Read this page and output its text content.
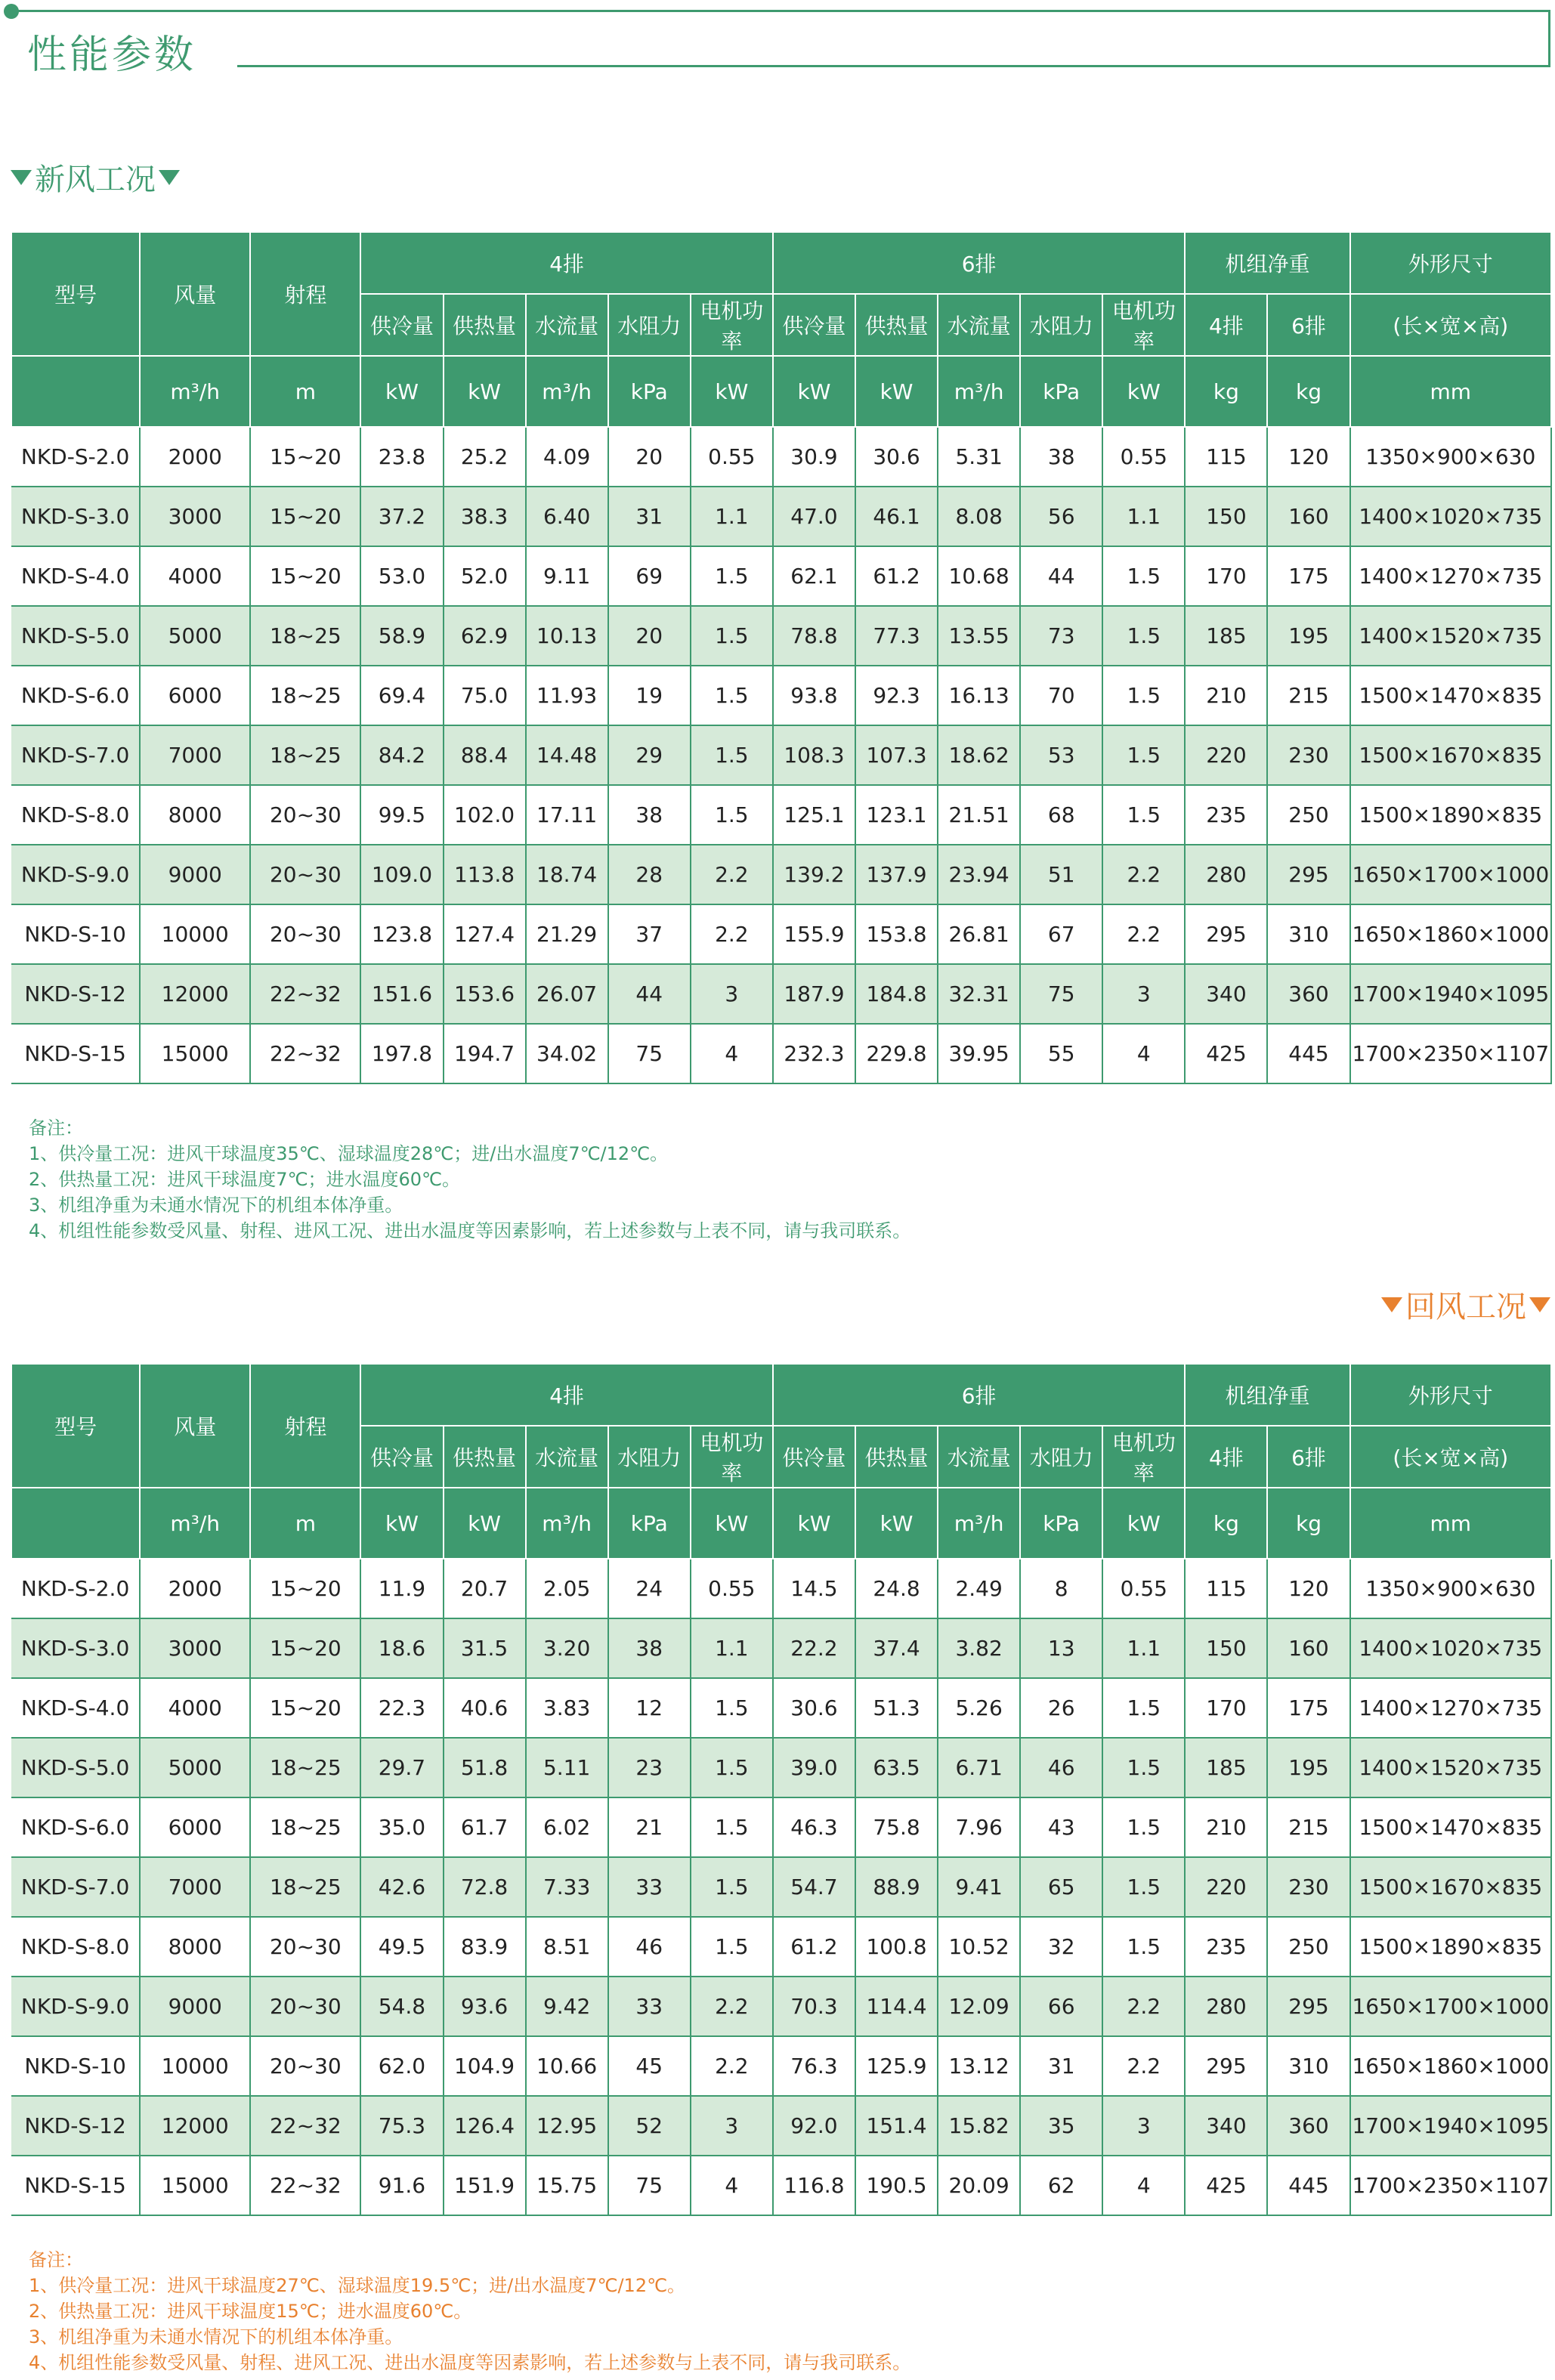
性能参数
新风工况
型号	风量	射程	4排					6排					机组净重		外形尺寸
			供冷量	供热量	水流量	水阻力	电机功率	供冷量	供热量	水流量	水阻力	电机功率	4排	6排	(长×宽×高)
	m³/h	m	kW	kW	m³/h	kPa	kW	kW	kW	m³/h	kPa	kW	kg	kg	mm
NKD-S-2.0	2000	15~20	23.8	25.2	4.09	20	0.55	30.9	30.6	5.31	38	0.55	115	120	1350×900×630
NKD-S-3.0	3000	15~20	37.2	38.3	6.40	31	1.1	47.0	46.1	8.08	56	1.1	150	160	1400×1020×735
NKD-S-4.0	4000	15~20	53.0	52.0	9.11	69	1.5	62.1	61.2	10.68	44	1.5	170	175	1400×1270×735
NKD-S-5.0	5000	18~25	58.9	62.9	10.13	20	1.5	78.8	77.3	13.55	73	1.5	185	195	1400×1520×735
NKD-S-6.0	6000	18~25	69.4	75.0	11.93	19	1.5	93.8	92.3	16.13	70	1.5	210	215	1500×1470×835
NKD-S-7.0	7000	18~25	84.2	88.4	14.48	29	1.5	108.3	107.3	18.62	53	1.5	220	230	1500×1670×835
NKD-S-8.0	8000	20~30	99.5	102.0	17.11	38	1.5	125.1	123.1	21.51	68	1.5	235	250	1500×1890×835
NKD-S-9.0	9000	20~30	109.0	113.8	18.74	28	2.2	139.2	137.9	23.94	51	2.2	280	295	1650×1700×1000
NKD-S-10	10000	20~30	123.8	127.4	21.29	37	2.2	155.9	153.8	26.81	67	2.2	295	310	1650×1860×1000
NKD-S-12	12000	22~32	151.6	153.6	26.07	44	3	187.9	184.8	32.31	75	3	340	360	1700×1940×1095
NKD-S-15	15000	22~32	197.8	194.7	34.02	75	4	232.3	229.8	39.95	55	4	425	445	1700×2350×1107
备注：
1、供冷量工况：进风干球温度35℃、湿球温度28℃；进/出水温度7℃/12℃。
2、供热量工况：进风干球温度7℃；进水温度60℃。
3、机组净重为未通水情况下的机组本体净重。
4、机组性能参数受风量、射程、进风工况、进出水温度等因素影响，若上述参数与上表不同，请与我司联系。
回风工况
型号	风量	射程	4排					6排					机组净重		外形尺寸
			供冷量	供热量	水流量	水阻力	电机功率	供冷量	供热量	水流量	水阻力	电机功率	4排	6排	(长×宽×高)
	m³/h	m	kW	kW	m³/h	kPa	kW	kW	kW	m³/h	kPa	kW	kg	kg	mm
NKD-S-2.0	2000	15~20	11.9	20.7	2.05	24	0.55	14.5	24.8	2.49	8	0.55	115	120	1350×900×630
NKD-S-3.0	3000	15~20	18.6	31.5	3.20	38	1.1	22.2	37.4	3.82	13	1.1	150	160	1400×1020×735
NKD-S-4.0	4000	15~20	22.3	40.6	3.83	12	1.5	30.6	51.3	5.26	26	1.5	170	175	1400×1270×735
NKD-S-5.0	5000	18~25	29.7	51.8	5.11	23	1.5	39.0	63.5	6.71	46	1.5	185	195	1400×1520×735
NKD-S-6.0	6000	18~25	35.0	61.7	6.02	21	1.5	46.3	75.8	7.96	43	1.5	210	215	1500×1470×835
NKD-S-7.0	7000	18~25	42.6	72.8	7.33	33	1.5	54.7	88.9	9.41	65	1.5	220	230	1500×1670×835
NKD-S-8.0	8000	20~30	49.5	83.9	8.51	46	1.5	61.2	100.8	10.52	32	1.5	235	250	1500×1890×835
NKD-S-9.0	9000	20~30	54.8	93.6	9.42	33	2.2	70.3	114.4	12.09	66	2.2	280	295	1650×1700×1000
NKD-S-10	10000	20~30	62.0	104.9	10.66	45	2.2	76.3	125.9	13.12	31	2.2	295	310	1650×1860×1000
NKD-S-12	12000	22~32	75.3	126.4	12.95	52	3	92.0	151.4	15.82	35	3	340	360	1700×1940×1095
NKD-S-15	15000	22~32	91.6	151.9	15.75	75	4	116.8	190.5	20.09	62	4	425	445	1700×2350×1107
备注：
1、供冷量工况：进风干球温度27℃、湿球温度19.5℃；进/出水温度7℃/12℃。
2、供热量工况：进风干球温度15℃；进水温度60℃。
3、机组净重为未通水情况下的机组本体净重。
4、机组性能参数受风量、射程、进风工况、进出水温度等因素影响，若上述参数与上表不同，请与我司联系。
